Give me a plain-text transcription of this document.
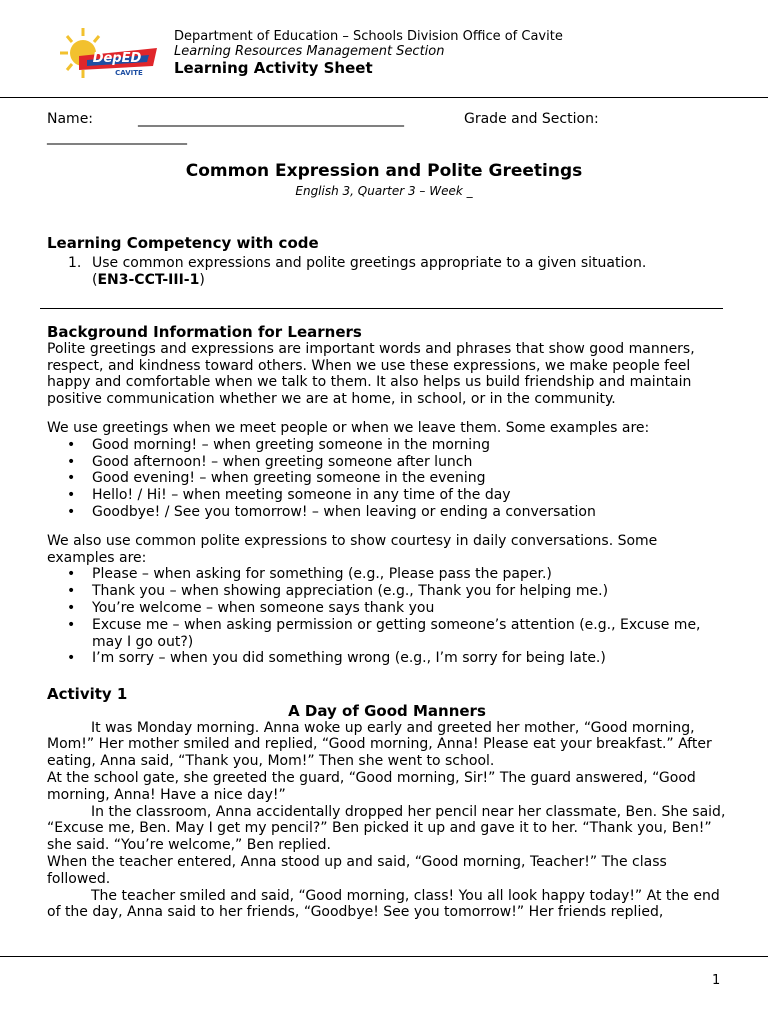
DepED
CAVITE
Department of Education – Schools Division Office of Cavite
Learning Resources Management Section
Learning Activity Sheet
Name:	______________________________________	Grade and Section:
____________________
Common Expression and Polite Greetings
English 3, Quarter 3 – Week _
Learning Competency with code
1. Use common expressions and polite greetings appropriate to a given situation.
(EN3-CCT-III-1)
Background Information for Learners

Polite greetings and expressions are important words and phrases that show good manners, respect, and kindness toward others. When we use these expressions, we make people feel happy and comfortable when we talk to them. It also helps us build friendship and maintain positive communication whether we are at home, in school, or in the community.

We use greetings when we meet people or when we leave them. Some examples are:

• Good morning! – when greeting someone in the morning
• Good afternoon! – when greeting someone after lunch
• Good evening! – when greeting someone in the evening
• Hello! / Hi! – when meeting someone in any time of the day
• Goodbye! / See you tomorrow! – when leaving or ending a conversation

We also use common polite expressions to show courtesy in daily conversations. Some examples are:

• Please – when asking for something (e.g., Please pass the paper.)
• Thank you – when showing appreciation (e.g., Thank you for helping me.)
• You’re welcome – when someone says thank you
• Excuse me – when asking permission or getting someone’s attention (e.g., Excuse me, may I go out?)
• I’m sorry – when you did something wrong (e.g., I’m sorry for being late.)
Activity 1
A Day of Good Manners

It was Monday morning. Anna woke up early and greeted her mother, “Good morning, Mom!” Her mother smiled and replied, “Good morning, Anna! Please eat your breakfast.” After eating, Anna said, “Thank you, Mom!” Then she went to school.

At the school gate, she greeted the guard, “Good morning, Sir!” The guard answered, “Good morning, Anna! Have a nice day!”

In the classroom, Anna accidentally dropped her pencil near her classmate, Ben. She said, “Excuse me, Ben. May I get my pencil?” Ben picked it up and gave it to her. “Thank you, Ben!” she said. “You’re welcome,” Ben replied.

When the teacher entered, Anna stood up and said, “Good morning, Teacher!” The class followed.

The teacher smiled and said, “Good morning, class! You all look happy today!” At the end of the day, Anna said to her friends, “Goodbye! See you tomorrow!” Her friends replied,

1
